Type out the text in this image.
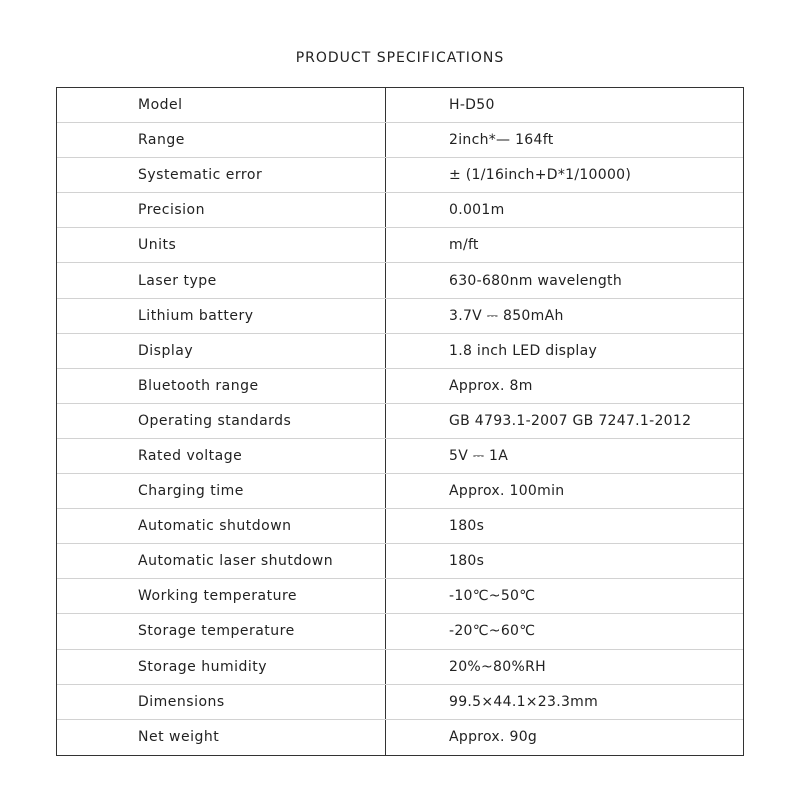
PRODUCT SPECIFICATIONS
Model	H-D50
Range	2inch*— 164ft
Systematic error	± (1/16inch+D*1/10000)
Precision	0.001m
Units	m/ft
Laser type	630-680nm wavelength
Lithium battery	3.7V ⎓ 850mAh
Display	1.8 inch LED display
Bluetooth range	Approx. 8m
Operating standards	GB 4793.1-2007 GB 7247.1-2012
Rated voltage	5V ⎓ 1A
Charging time	Approx. 100min
Automatic shutdown	180s
Automatic laser shutdown	180s
Working temperature	-10℃~50℃
Storage temperature	-20℃~60℃
Storage humidity	20%~80%RH
Dimensions	99.5×44.1×23.3mm
Net weight	Approx. 90g
